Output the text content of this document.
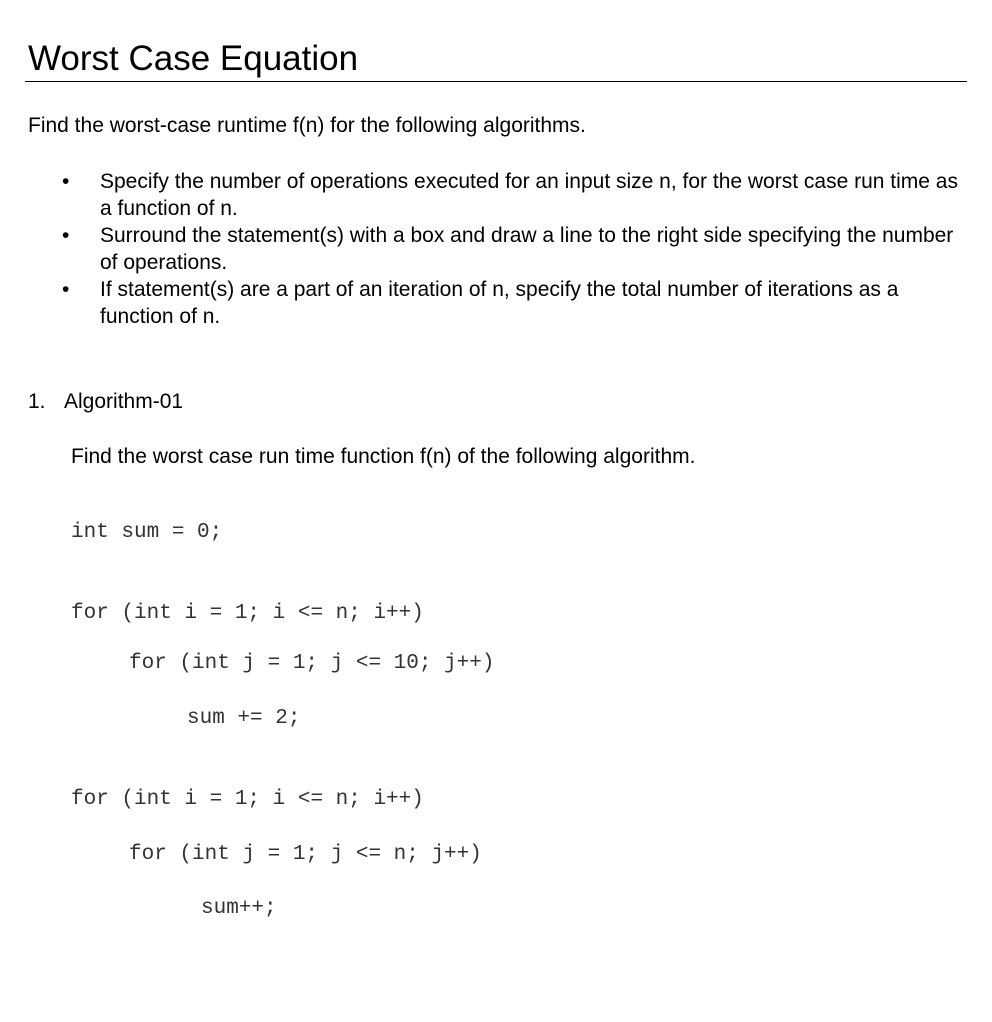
Worst Case Equation

Find the worst-case runtime f(n) for the following algorithms.

• Specify the number of operations executed for an input size n, for the worst case run time as a function of n.
• Surround the statement(s) with a box and draw a line to the right side specifying the number of operations.
• If statement(s) are a part of an iteration of n, specify the total number of iterations as a function of n.
1. Algorithm-01

Find the worst case run time function f(n) of the following algorithm.

int sum = 0;
for (int i = 1; i <= n; i++)
for (int j = 1; j <= 10; j++)
sum += 2;
for (int i = 1; i <= n; i++)
for (int j = 1; j <= n; j++)
sum++;
